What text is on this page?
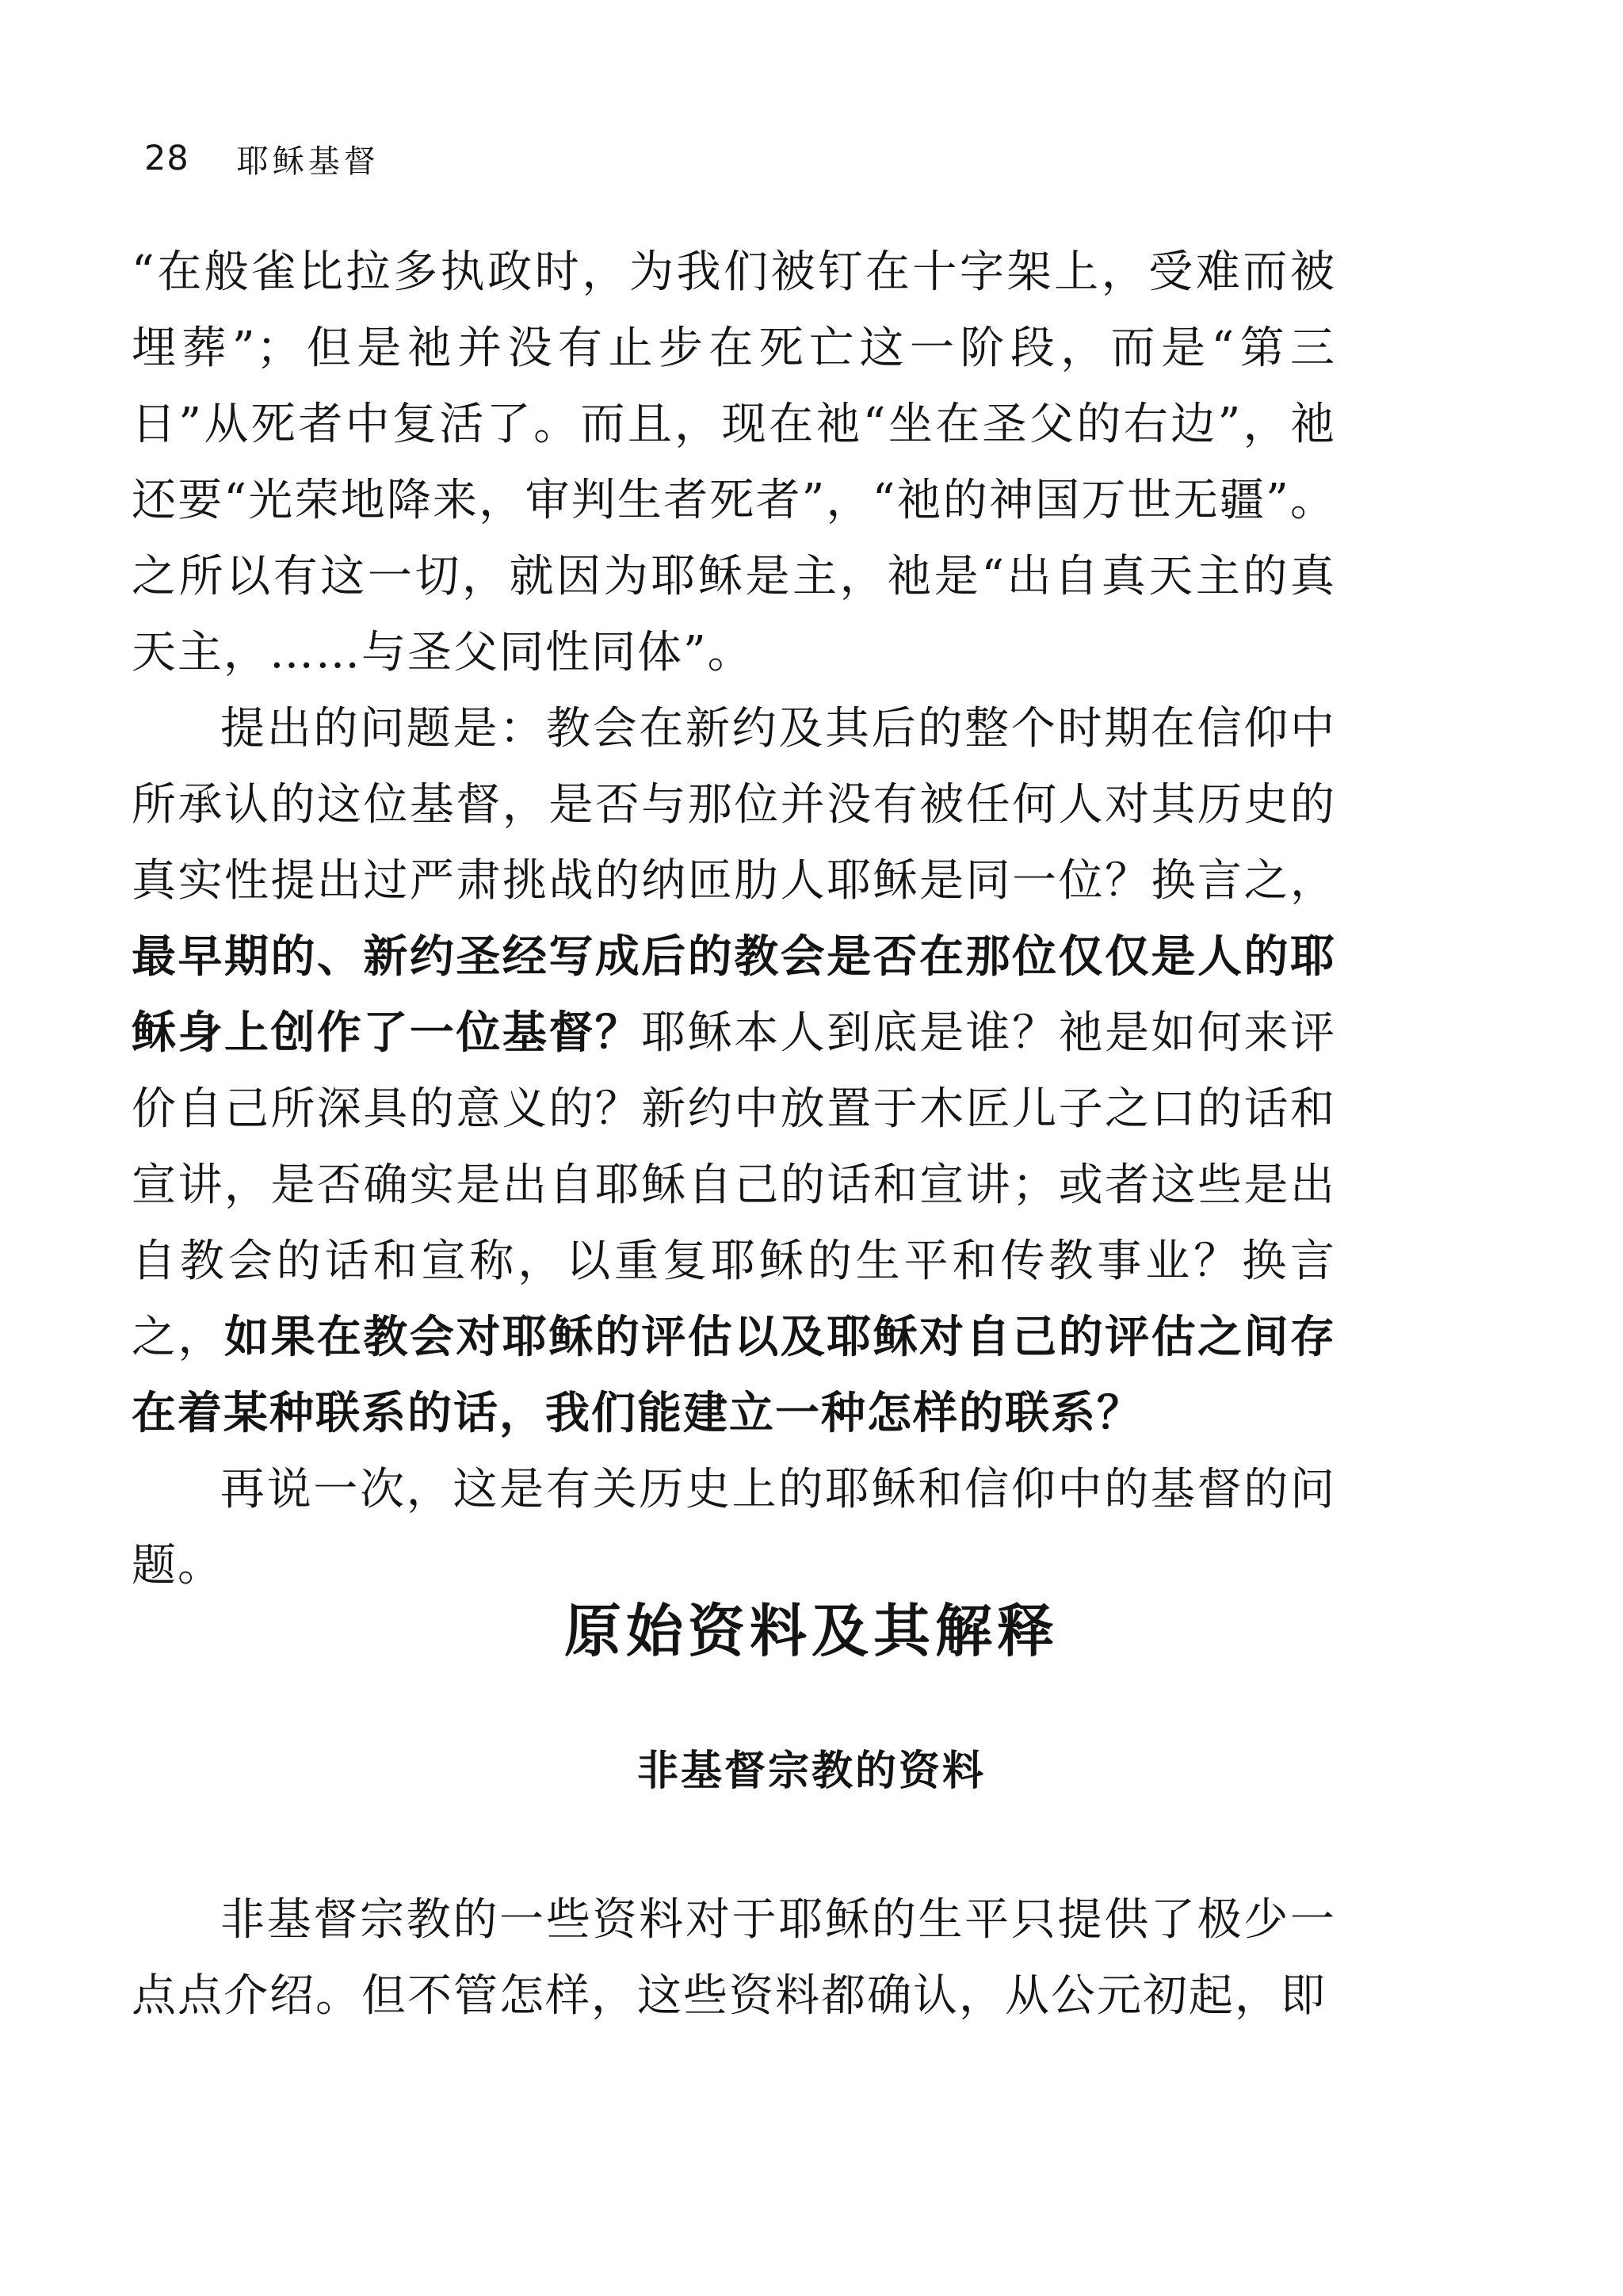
28 耶稣基督

“在般雀比拉多执政时，为我们被钉在十字架上，受难而被埋葬”；但是祂并没有止步在死亡这一阶段，而是“第三日”从死者中复活了。而且，现在祂“坐在圣父的右边”，祂还要“光荣地降来，审判生者死者”，“祂的神国万世无疆”。之所以有这一切，就因为耶稣是主，祂是“出自真天主的真天主，……与圣父同性同体”。

提出的问题是：教会在新约及其后的整个时期在信仰中所承认的这位基督，是否与那位并没有被任何人对其历史的真实性提出过严肃挑战的纳匝肋人耶稣是同一位？换言之，最早期的、新约圣经写成后的教会是否在那位仅仅是人的耶稣身上创作了一位基督？耶稣本人到底是谁？祂是如何来评价自己所深具的意义的？新约中放置于木匠儿子之口的话和宣讲，是否确实是出自耶稣自己的话和宣讲；或者这些是出自教会的话和宣称，以重复耶稣的生平和传教事业？换言之，如果在教会对耶稣的评估以及耶稣对自己的评估之间存在着某种联系的话，我们能建立一种怎样的联系？

再说一次，这是有关历史上的耶稣和信仰中的基督的问题。

原始资料及其解释
非基督宗教的资料

非基督宗教的一些资料对于耶稣的生平只提供了极少一点点介绍。但不管怎样，这些资料都确认，从公元初起，即
